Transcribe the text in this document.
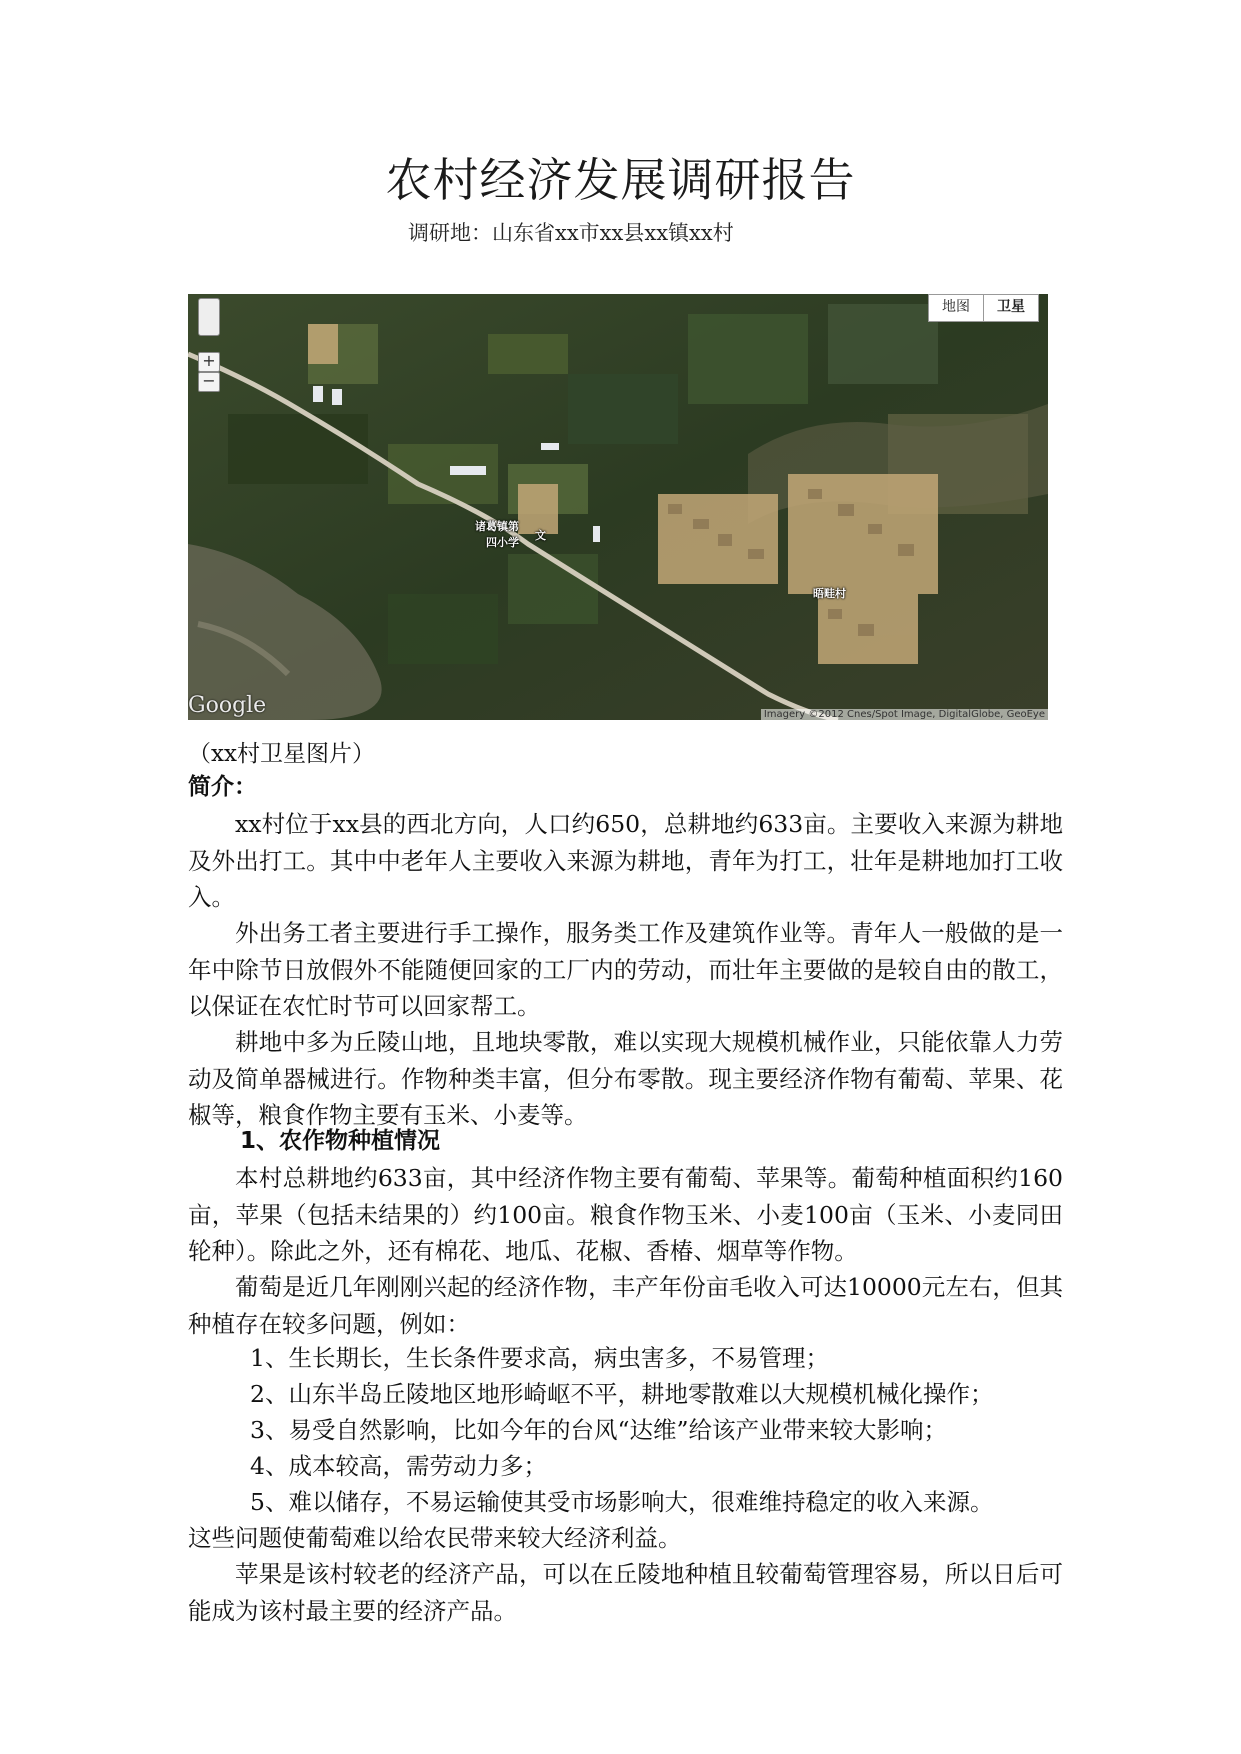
农村经济发展调研报告
调研地：山东省xx市xx县xx镇xx村
+
−
地图	卫星
诸葛镇第
四小学
文
晤畦村
Google	Imagery ©2012 Cnes/Spot Image, DigitalGlobe, GeoEye
（xx村卫星图片）
简介：

xx村位于xx县的西北方向，人口约650，总耕地约633亩。主要收入来源为耕地及外出打工。其中中老年人主要收入来源为耕地，青年为打工，壮年是耕地加打工收入。

外出务工者主要进行手工操作，服务类工作及建筑作业等。青年人一般做的是一年中除节日放假外不能随便回家的工厂内的劳动，而壮年主要做的是较自由的散工，以保证在农忙时节可以回家帮工。

耕地中多为丘陵山地，且地块零散，难以实现大规模机械作业，只能依靠人力劳动及简单器械进行。作物种类丰富，但分布零散。现主要经济作物有葡萄、苹果、花椒等，粮食作物主要有玉米、小麦等。

1、农作物种植情况

本村总耕地约633亩，其中经济作物主要有葡萄、苹果等。葡萄种植面积约160亩，苹果（包括未结果的）约100亩。粮食作物玉米、小麦100亩（玉米、小麦同田轮种）。除此之外，还有棉花、地瓜、花椒、香椿、烟草等作物。

葡萄是近几年刚刚兴起的经济作物，丰产年份亩毛收入可达10000元左右，但其种植存在较多问题，例如：

1、生长期长，生长条件要求高，病虫害多，不易管理；
2、山东半岛丘陵地区地形崎岖不平，耕地零散难以大规模机械化操作；
3、易受自然影响，比如今年的台风“达维”给该产业带来较大影响；
4、成本较高，需劳动力多；
5、难以储存，不易运输使其受市场影响大，很难维持稳定的收入来源。
这些问题使葡萄难以给农民带来较大经济利益。

苹果是该村较老的经济产品，可以在丘陵地种植且较葡萄管理容易，所以日后可能成为该村最主要的经济产品。
